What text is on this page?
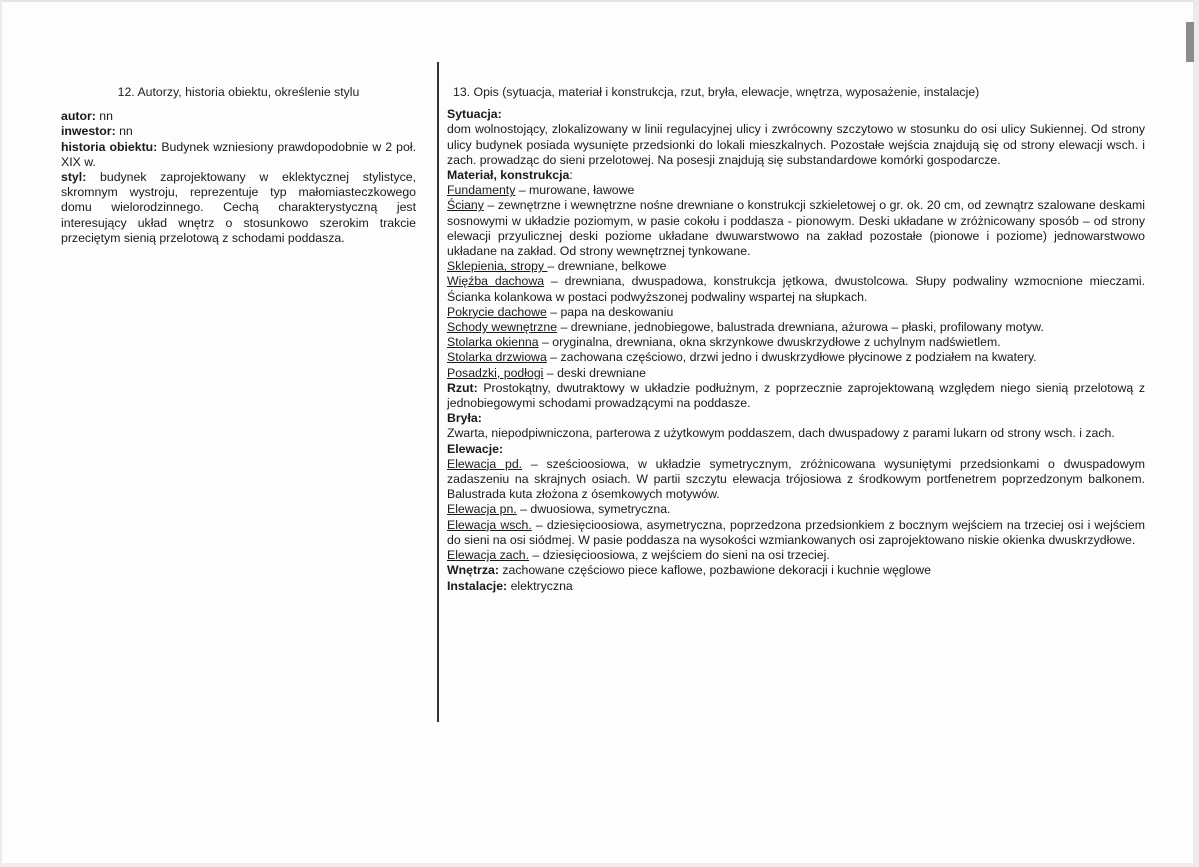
12. Autorzy, historia obiektu, określenie stylu

autor: nn

inwestor: nn

historia obiektu: Budynek wzniesiony prawdopodobnie w 2 poł. XIX w.

styl: budynek zaprojektowany w eklektycznej stylistyce, skromnym wystroju, reprezentuje typ małomiasteczkowego domu wielorodzinnego. Cechą charakterystyczną jest interesujący układ wnętrz o stosunkowo szerokim trakcie przeciętym sienią przelotową z schodami poddasza.

13. Opis (sytuacja, materiał i konstrukcja, rzut, bryła, elewacje, wnętrza, wyposażenie, instalacje)

Sytuacja:

dom wolnostojący, zlokalizowany w linii regulacyjnej ulicy i zwrócowny szczytowo w stosunku do osi ulicy Sukiennej. Od strony ulicy budynek posiada wysunięte przedsionki do lokali mieszkalnych. Pozostałe wejścia znajdują się od strony elewacji wsch. i zach. prowadząc do sieni przelotowej. Na posesji znajdują się substandardowe komórki gospodarcze.

Materiał, konstrukcja:

Fundamenty – murowane, ławowe

Ściany – zewnętrzne i wewnętrzne nośne drewniane o konstrukcji szkieletowej o gr. ok. 20 cm, od zewnątrz szalowane deskami sosnowymi w układzie poziomym, w pasie cokołu i poddasza - pionowym. Deski układane w zróżnicowany sposób – od strony elewacji przyulicznej deski poziome układane dwuwarstwowo na zakład pozostałe (pionowe i poziome) jednowarstwowo układane na zakład. Od strony wewnętrznej tynkowane.

Sklepienia, stropy – drewniane, belkowe

Więźba dachowa – drewniana, dwuspadowa, konstrukcja jętkowa, dwustolcowa. Słupy podwaliny wzmocnione mieczami. Ścianka kolankowa w postaci podwyższonej podwaliny wspartej na słupkach.

Pokrycie dachowe – papa na deskowaniu

Schody wewnętrzne – drewniane, jednobiegowe, balustrada drewniana, ażurowa – płaski, profilowany motyw.

Stolarka okienna – oryginalna, drewniana, okna skrzynkowe dwuskrzydłowe z uchylnym nadświetlem.

Stolarka drzwiowa – zachowana częściowo, drzwi jedno i dwuskrzydłowe płycinowe z podziałem na kwatery.

Posadzki, podłogi – deski drewniane

Rzut: Prostokątny, dwutraktowy w układzie podłużnym, z poprzecznie zaprojektowaną względem niego sienią przelotową z jednobiegowymi schodami prowadzącymi na poddasze.

Bryła:

Zwarta, niepodpiwniczona, parterowa z użytkowym poddaszem, dach dwuspadowy z parami lukarn od strony wsch. i zach.

Elewacje:

Elewacja pd. – sześcioosiowa, w układzie symetrycznym, zróżnicowana wysuniętymi przedsionkami o dwuspadowym zadaszeniu na skrajnych osiach. W partii szczytu elewacja trójosiowa z środkowym portfenetrem poprzedzonym balkonem. Balustrada kuta złożona z ósemkowych motywów.

Elewacja pn. – dwuosiowa, symetryczna.

Elewacja wsch. – dziesięcioosiowa, asymetryczna, poprzedzona przedsionkiem z bocznym wejściem na trzeciej osi i wejściem do sieni na osi siódmej. W pasie poddasza na wysokości wzmiankowanych osi zaprojektowano niskie okienka dwuskrzydłowe.

Elewacja zach. – dziesięcioosiowa, z wejściem do sieni na osi trzeciej.

Wnętrza: zachowane częściowo piece kaflowe, pozbawione dekoracji i kuchnie węglowe

Instalacje: elektryczna
